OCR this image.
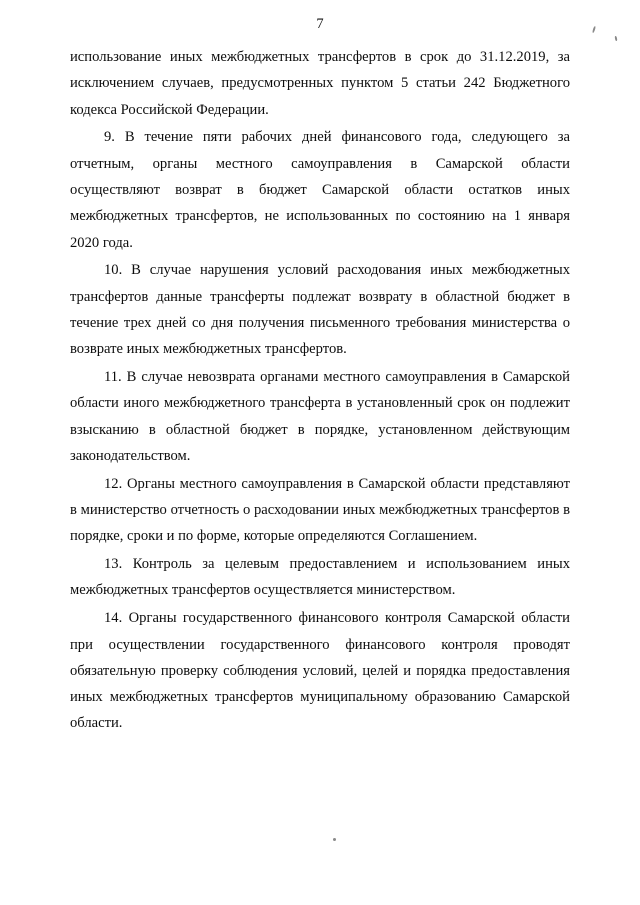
7

использование иных межбюджетных трансфертов в срок до 31.12.2019, за исключением случаев, предусмотренных пунктом 5 статьи 242 Бюджетного кодекса Российской Федерации.

9. В течение пяти рабочих дней финансового года, следующего за отчетным, органы местного самоуправления в Самарской области осуществляют возврат в бюджет Самарской области остатков иных межбюджетных трансфертов, не использованных по состоянию на 1 января 2020 года.

10. В случае нарушения условий расходования иных межбюджетных трансфертов данные трансферты подлежат возврату в областной бюджет в течение трех дней со дня получения письменного требования министерства о возврате иных межбюджетных трансфертов.

11. В случае невозврата органами местного самоуправления в Самарской области иного межбюджетного трансферта в установленный срок он подлежит взысканию в областной бюджет в порядке, установленном действующим законодательством.

12. Органы местного самоуправления в Самарской области представляют в министерство отчетность о расходовании иных межбюджетных трансфертов в порядке, сроки и по форме, которые определяются Соглашением.

13. Контроль за целевым предоставлением и использованием иных межбюджетных трансфертов осуществляется министерством.

14. Органы государственного финансового контроля Самарской области при осуществлении государственного финансового контроля проводят обязательную проверку соблюдения условий, целей и порядка предоставления иных межбюджетных трансфертов муниципальному образованию Самарской области.
